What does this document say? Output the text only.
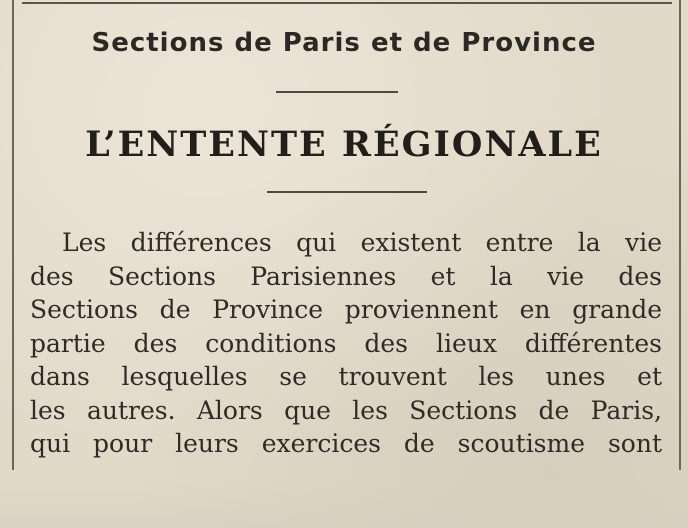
Sections de Paris et de Province
L’ENTENTE RÉGIONALE
Les différences qui existent entre la vie
des Sections Parisiennes et la vie des
Sections de Province proviennent en grande
partie des conditions des lieux différentes
dans lesquelles se trouvent les unes et
les autres. Alors que les Sections de Paris,
qui pour leurs exercices de scoutisme sont
